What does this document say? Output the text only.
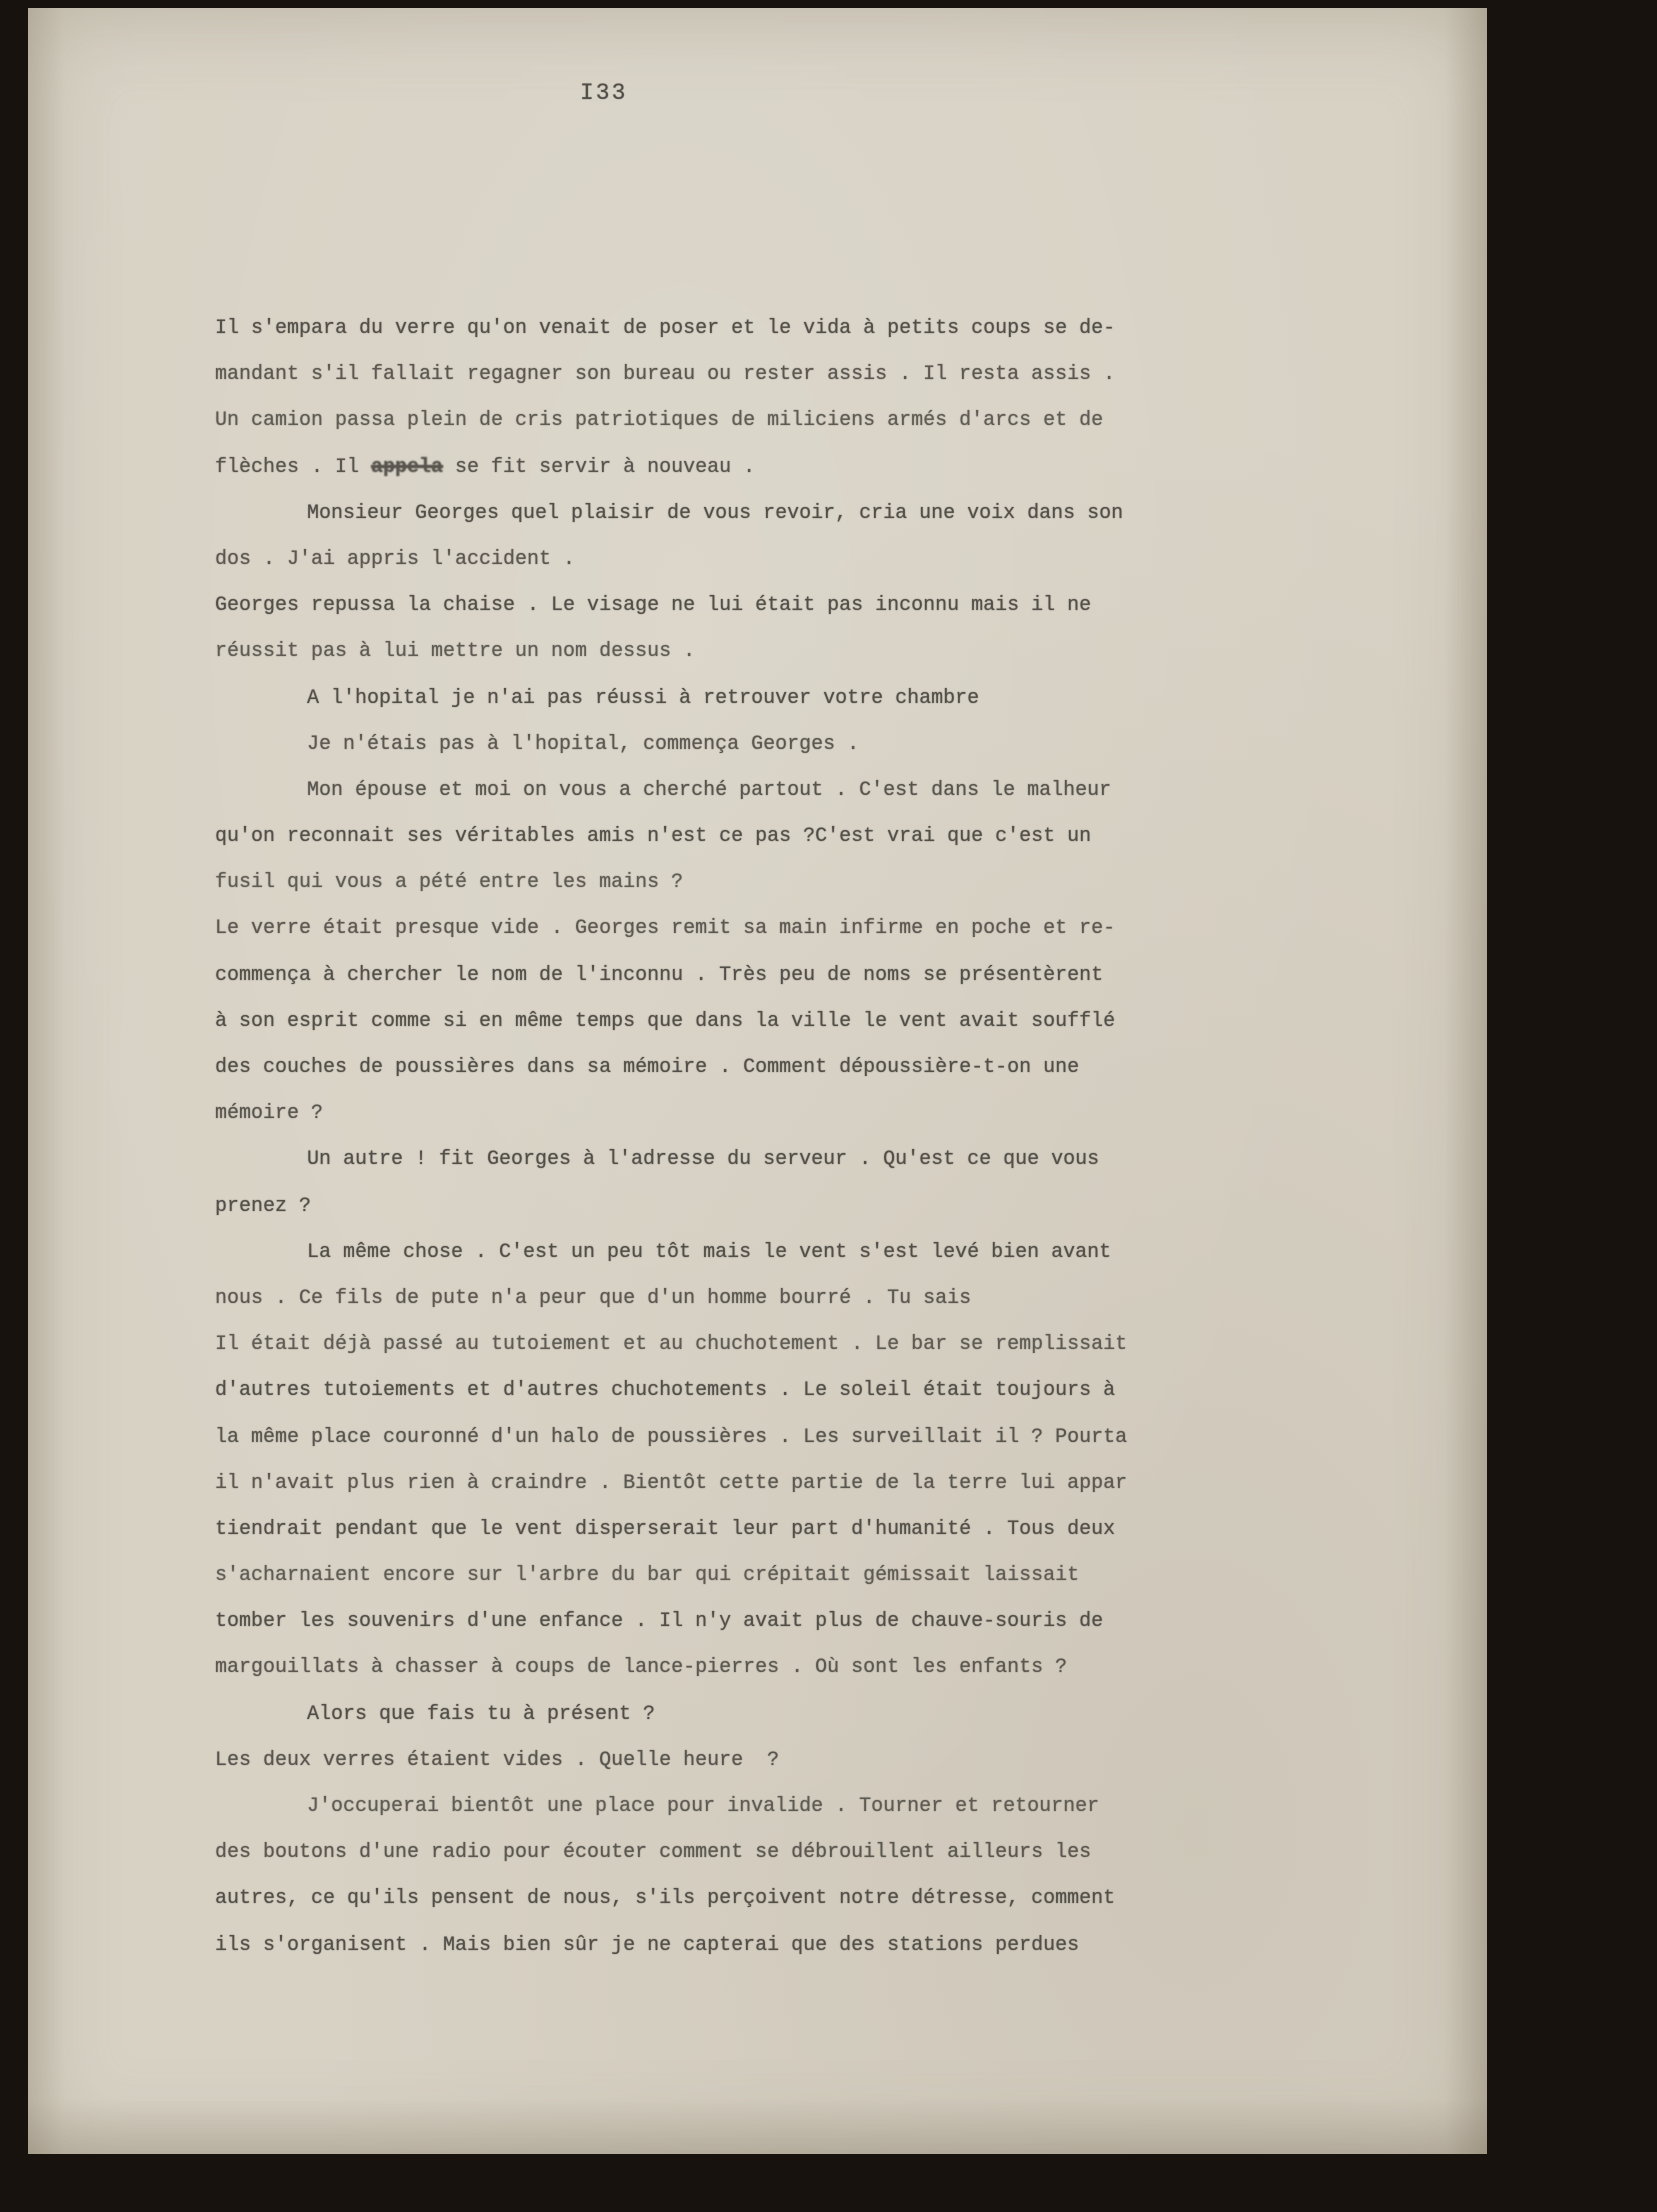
I33
Il s'empara du verre qu'on venait de poser et le vida à petits coups se de-
mandant s'il fallait regagner son bureau ou rester assis . Il resta assis .
Un camion passa plein de cris patriotiques de miliciens armés d'arcs et de
flèches . Il appela se fit servir à nouveau .
Monsieur Georges quel plaisir de vous revoir, cria une voix dans son
dos . J'ai appris l'accident .
Georges repussa la chaise . Le visage ne lui était pas inconnu mais il ne
réussit pas à lui mettre un nom dessus .
A l'hopital je n'ai pas réussi à retrouver votre chambre
Je n'étais pas à l'hopital, commença Georges .
Mon épouse et moi on vous a cherché partout . C'est dans le malheur
qu'on reconnait ses véritables amis n'est ce pas ?C'est vrai que c'est un
fusil qui vous a pété entre les mains ?
Le verre était presque vide . Georges remit sa main infirme en poche et re-
commença à chercher le nom de l'inconnu . Très peu de noms se présentèrent
à son esprit comme si en même temps que dans la ville le vent avait soufflé
des couches de poussières dans sa mémoire . Comment dépoussière-t-on une
mémoire ?
Un autre ! fit Georges à l'adresse du serveur . Qu'est ce que vous
prenez ?
La même chose . C'est un peu tôt mais le vent s'est levé bien avant
nous . Ce fils de pute n'a peur que d'un homme bourré . Tu sais
Il était déjà passé au tutoiement et au chuchotement . Le bar se remplissait
d'autres tutoiements et d'autres chuchotements . Le soleil était toujours à
la même place couronné d'un halo de poussières . Les surveillait il ? Pourta
il n'avait plus rien à craindre . Bientôt cette partie de la terre lui appar
tiendrait pendant que le vent disperserait leur part d'humanité . Tous deux
s'acharnaient encore sur l'arbre du bar qui crépitait gémissait laissait
tomber les souvenirs d'une enfance . Il n'y avait plus de chauve-souris de
margouillats à chasser à coups de lance-pierres . Où sont les enfants ?
Alors que fais tu à présent ?
Les deux verres étaient vides . Quelle heure  ?
J'occuperai bientôt une place pour invalide . Tourner et retourner
des boutons d'une radio pour écouter comment se débrouillent ailleurs les
autres, ce qu'ils pensent de nous, s'ils perçoivent notre détresse, comment
ils s'organisent . Mais bien sûr je ne capterai que des stations perdues
